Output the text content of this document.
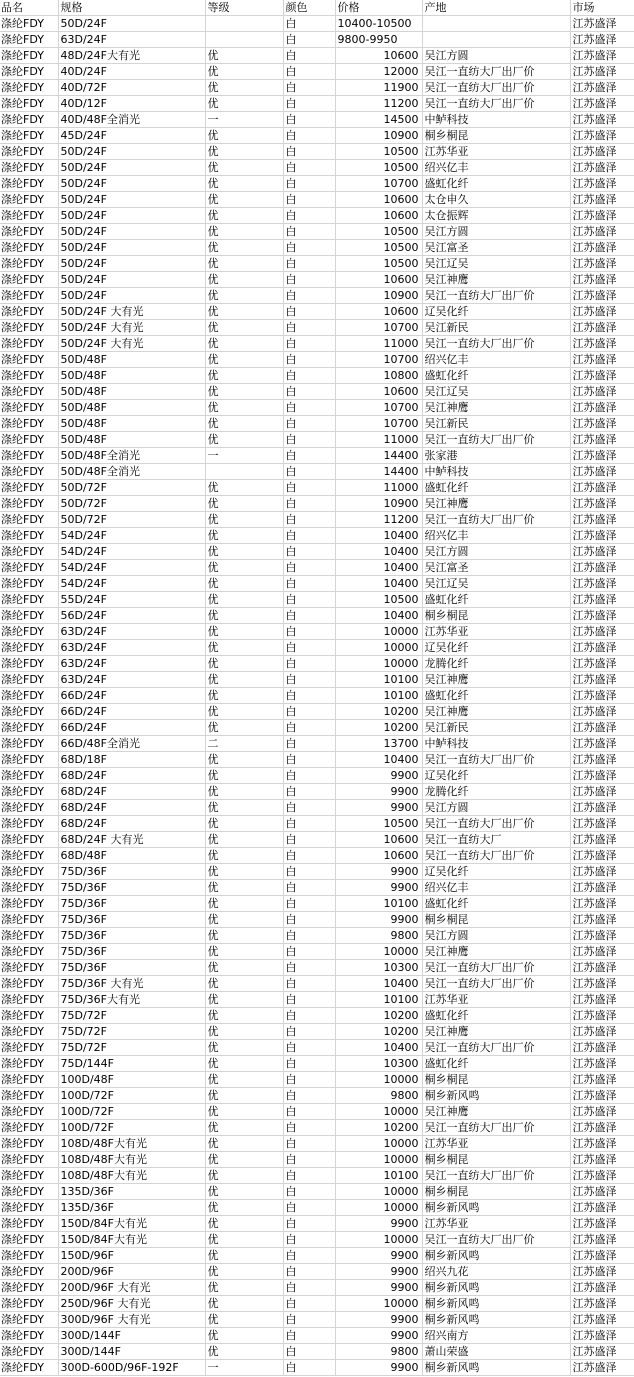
品名	规格	等级	颜色	价格	产地	市场
涤纶FDY	50D/24F		白	10400-10500		江苏盛泽
涤纶FDY	63D/24F		白	9800-9950		江苏盛泽
涤纶FDY	48D/24F大有光	优	白	10600	吴江方圆	江苏盛泽
涤纶FDY	40D/24F	优	白	12000	吴江一直纺大厂出厂价	江苏盛泽
涤纶FDY	40D/72F	优	白	11900	吴江一直纺大厂出厂价	江苏盛泽
涤纶FDY	40D/12F	优	白	11200	吴江一直纺大厂出厂价	江苏盛泽
涤纶FDY	40D/48F全消光	一	白	14500	中鲈科技	江苏盛泽
涤纶FDY	45D/24F	优	白	10900	桐乡桐昆	江苏盛泽
涤纶FDY	50D/24F	优	白	10500	江苏华亚	江苏盛泽
涤纶FDY	50D/24F	优	白	10500	绍兴亿丰	江苏盛泽
涤纶FDY	50D/24F	优	白	10700	盛虹化纤	江苏盛泽
涤纶FDY	50D/24F	优	白	10600	太仓申久	江苏盛泽
涤纶FDY	50D/24F	优	白	10600	太仓振辉	江苏盛泽
涤纶FDY	50D/24F	优	白	10500	吴江方圆	江苏盛泽
涤纶FDY	50D/24F	优	白	10500	吴江富圣	江苏盛泽
涤纶FDY	50D/24F	优	白	10500	吴江辽吴	江苏盛泽
涤纶FDY	50D/24F	优	白	10600	吴江神鹰	江苏盛泽
涤纶FDY	50D/24F	优	白	10900	吴江一直纺大厂出厂价	江苏盛泽
涤纶FDY	50D/24F 大有光	优	白	10600	辽吴化纤	江苏盛泽
涤纶FDY	50D/24F 大有光	优	白	10700	吴江新民	江苏盛泽
涤纶FDY	50D/24F 大有光	优	白	11000	吴江一直纺大厂出厂价	江苏盛泽
涤纶FDY	50D/48F	优	白	10700	绍兴亿丰	江苏盛泽
涤纶FDY	50D/48F	优	白	10800	盛虹化纤	江苏盛泽
涤纶FDY	50D/48F	优	白	10600	吴江辽吴	江苏盛泽
涤纶FDY	50D/48F	优	白	10700	吴江神鹰	江苏盛泽
涤纶FDY	50D/48F	优	白	10700	吴江新民	江苏盛泽
涤纶FDY	50D/48F	优	白	11000	吴江一直纺大厂出厂价	江苏盛泽
涤纶FDY	50D/48F全消光	一	白	14400	张家港	江苏盛泽
涤纶FDY	50D/48F全消光		白	14400	中鲈科技	江苏盛泽
涤纶FDY	50D/72F	优	白	11000	盛虹化纤	江苏盛泽
涤纶FDY	50D/72F	优	白	10900	吴江神鹰	江苏盛泽
涤纶FDY	50D/72F	优	白	11200	吴江一直纺大厂出厂价	江苏盛泽
涤纶FDY	54D/24F	优	白	10400	绍兴亿丰	江苏盛泽
涤纶FDY	54D/24F	优	白	10400	吴江方圆	江苏盛泽
涤纶FDY	54D/24F	优	白	10400	吴江富圣	江苏盛泽
涤纶FDY	54D/24F	优	白	10400	吴江辽吴	江苏盛泽
涤纶FDY	55D/24F	优	白	10500	盛虹化纤	江苏盛泽
涤纶FDY	56D/24F	优	白	10400	桐乡桐昆	江苏盛泽
涤纶FDY	63D/24F	优	白	10000	江苏华亚	江苏盛泽
涤纶FDY	63D/24F	优	白	10000	辽吴化纤	江苏盛泽
涤纶FDY	63D/24F	优	白	10000	龙腾化纤	江苏盛泽
涤纶FDY	63D/24F	优	白	10100	吴江神鹰	江苏盛泽
涤纶FDY	66D/24F	优	白	10100	盛虹化纤	江苏盛泽
涤纶FDY	66D/24F	优	白	10200	吴江神鹰	江苏盛泽
涤纶FDY	66D/24F	优	白	10200	吴江新民	江苏盛泽
涤纶FDY	66D/48F全消光	二	白	13700	中鲈科技	江苏盛泽
涤纶FDY	68D/18F	优	白	10400	吴江一直纺大厂出厂价	江苏盛泽
涤纶FDY	68D/24F	优	白	9900	辽吴化纤	江苏盛泽
涤纶FDY	68D/24F	优	白	9900	龙腾化纤	江苏盛泽
涤纶FDY	68D/24F	优	白	9900	吴江方圆	江苏盛泽
涤纶FDY	68D/24F	优	白	10500	吴江一直纺大厂出厂价	江苏盛泽
涤纶FDY	68D/24F 大有光	优	白	10600	吴江一直纺大厂	江苏盛泽
涤纶FDY	68D/48F	优	白	10600	吴江一直纺大厂出厂价	江苏盛泽
涤纶FDY	75D/36F	优	白	9900	辽吴化纤	江苏盛泽
涤纶FDY	75D/36F	优	白	9900	绍兴亿丰	江苏盛泽
涤纶FDY	75D/36F	优	白	10100	盛虹化纤	江苏盛泽
涤纶FDY	75D/36F	优	白	9900	桐乡桐昆	江苏盛泽
涤纶FDY	75D/36F	优	白	9800	吴江方圆	江苏盛泽
涤纶FDY	75D/36F	优	白	10000	吴江神鹰	江苏盛泽
涤纶FDY	75D/36F	优	白	10300	吴江一直纺大厂出厂价	江苏盛泽
涤纶FDY	75D/36F 大有光	优	白	10400	吴江一直纺大厂出厂价	江苏盛泽
涤纶FDY	75D/36F大有光	优	白	10100	江苏华亚	江苏盛泽
涤纶FDY	75D/72F	优	白	10200	盛虹化纤	江苏盛泽
涤纶FDY	75D/72F	优	白	10200	吴江神鹰	江苏盛泽
涤纶FDY	75D/72F	优	白	10400	吴江一直纺大厂出厂价	江苏盛泽
涤纶FDY	75D/144F	优	白	10300	盛虹化纤	江苏盛泽
涤纶FDY	100D/48F	优	白	10000	桐乡桐昆	江苏盛泽
涤纶FDY	100D/72F	优	白	9800	桐乡新风鸣	江苏盛泽
涤纶FDY	100D/72F	优	白	10000	吴江神鹰	江苏盛泽
涤纶FDY	100D/72F	优	白	10200	吴江一直纺大厂出厂价	江苏盛泽
涤纶FDY	108D/48F大有光	优	白	10000	江苏华亚	江苏盛泽
涤纶FDY	108D/48F大有光	优	白	10000	桐乡桐昆	江苏盛泽
涤纶FDY	108D/48F大有光	优	白	10100	吴江一直纺大厂出厂价	江苏盛泽
涤纶FDY	135D/36F	优	白	10000	桐乡桐昆	江苏盛泽
涤纶FDY	135D/36F	优	白	10000	桐乡新风鸣	江苏盛泽
涤纶FDY	150D/84F大有光	优	白	9900	江苏华亚	江苏盛泽
涤纶FDY	150D/84F大有光	优	白	10000	吴江一直纺大厂出厂价	江苏盛泽
涤纶FDY	150D/96F	优	白	9900	桐乡新风鸣	江苏盛泽
涤纶FDY	200D/96F	优	白	9900	绍兴九花	江苏盛泽
涤纶FDY	200D/96F 大有光	优	白	9900	桐乡新风鸣	江苏盛泽
涤纶FDY	250D/96F 大有光	优	白	10000	桐乡新风鸣	江苏盛泽
涤纶FDY	300D/96F 大有光	优	白	9900	桐乡新风鸣	江苏盛泽
涤纶FDY	300D/144F	优	白	9900	绍兴南方	江苏盛泽
涤纶FDY	300D/144F	优	白	9800	萧山荣盛	江苏盛泽
涤纶FDY	300D-600D/96F-192F	一	白	9900	桐乡新风鸣	江苏盛泽
